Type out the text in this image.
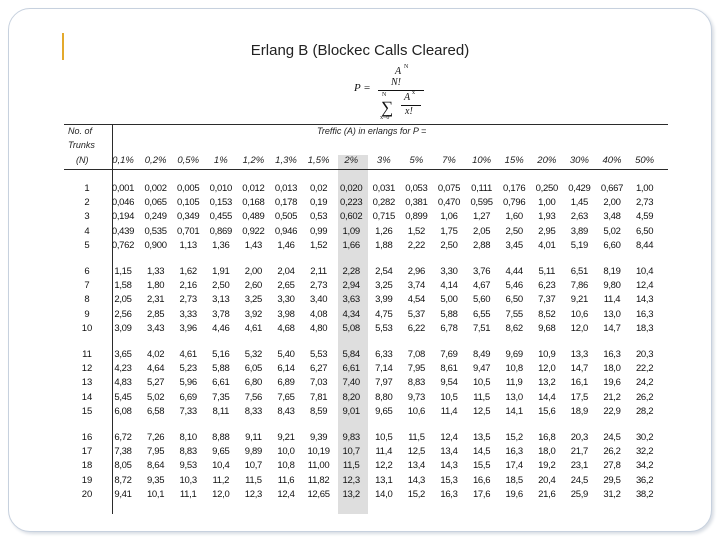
Erlang B (Blockec Calls Cleared)
P =
A N
N!
N
∑
x=0
A x
x!
No. of
Trunks
(N)
Treffic (A) in erlangs for P =
0,1%	0,2%	0,5%	1%	1,2%	1,3%	1,5%	2%	3%	5%	7%	10%	15%	20%	30%	40%	50%
1	0,001	0,002	0,005	0,010	0,012	0,013	0,02	0,020	0,031	0,053	0,075	0,111	0,176	0,250	0,429	0,667	1,00
2	0,046	0,065	0,105	0,153	0,168	0,178	0,19	0,223	0,282	0,381	0,470	0,595	0,796	1,00	1,45	2,00	2,73
3	0,194	0,249	0,349	0,455	0,489	0,505	0,53	0,602	0,715	0,899	1,06	1,27	1,60	1,93	2,63	3,48	4,59
4	0,439	0,535	0,701	0,869	0,922	0,946	0,99	1,09	1,26	1,52	1,75	2,05	2,50	2,95	3,89	5,02	6,50
5	0,762	0,900	1,13	1,36	1,43	1,46	1,52	1,66	1,88	2,22	2,50	2,88	3,45	4,01	5,19	6,60	8,44
6	1,15	1,33	1,62	1,91	2,00	2,04	2,11	2,28	2,54	2,96	3,30	3,76	4,44	5,11	6,51	8,19	10,4
7	1,58	1,80	2,16	2,50	2,60	2,65	2,73	2,94	3,25	3,74	4,14	4,67	5,46	6,23	7,86	9,80	12,4
8	2,05	2,31	2,73	3,13	3,25	3,30	3,40	3,63	3,99	4,54	5,00	5,60	6,50	7,37	9,21	11,4	14,3
9	2,56	2,85	3,33	3,78	3,92	3,98	4,08	4,34	4,75	5,37	5,88	6,55	7,55	8,52	10,6	13,0	16,3
10	3,09	3,43	3,96	4,46	4,61	4,68	4,80	5,08	5,53	6,22	6,78	7,51	8,62	9,68	12,0	14,7	18,3
11	3,65	4,02	4,61	5,16	5,32	5,40	5,53	5,84	6,33	7,08	7,69	8,49	9,69	10,9	13,3	16,3	20,3
12	4,23	4,64	5,23	5,88	6,05	6,14	6,27	6,61	7,14	7,95	8,61	9,47	10,8	12,0	14,7	18,0	22,2
13	4,83	5,27	5,96	6,61	6,80	6,89	7,03	7,40	7,97	8,83	9,54	10,5	11,9	13,2	16,1	19,6	24,2
14	5,45	5,02	6,69	7,35	7,56	7,65	7,81	8,20	8,80	9,73	10,5	11,5	13,0	14,4	17,5	21,2	26,2
15	6,08	6,58	7,33	8,11	8,33	8,43	8,59	9,01	9,65	10,6	11,4	12,5	14,1	15,6	18,9	22,9	28,2
16	6,72	7,26	8,10	8,88	9,11	9,21	9,39	9,83	10,5	11,5	12,4	13,5	15,2	16,8	20,3	24,5	30,2
17	7,38	7,95	8,83	9,65	9,89	10,0	10,19	10,7	11,4	12,5	13,4	14,5	16,3	18,0	21,7	26,2	32,2
18	8,05	8,64	9,53	10,4	10,7	10,8	11,00	11,5	12,2	13,4	14,3	15,5	17,4	19,2	23,1	27,8	34,2
19	8,72	9,35	10,3	11,2	11,5	11,6	11,82	12,3	13,1	14,3	15,3	16,6	18,5	20,4	24,5	29,5	36,2
20	9,41	10,1	11,1	12,0	12,3	12,4	12,65	13,2	14,0	15,2	16,3	17,6	19,6	21,6	25,9	31,2	38,2
